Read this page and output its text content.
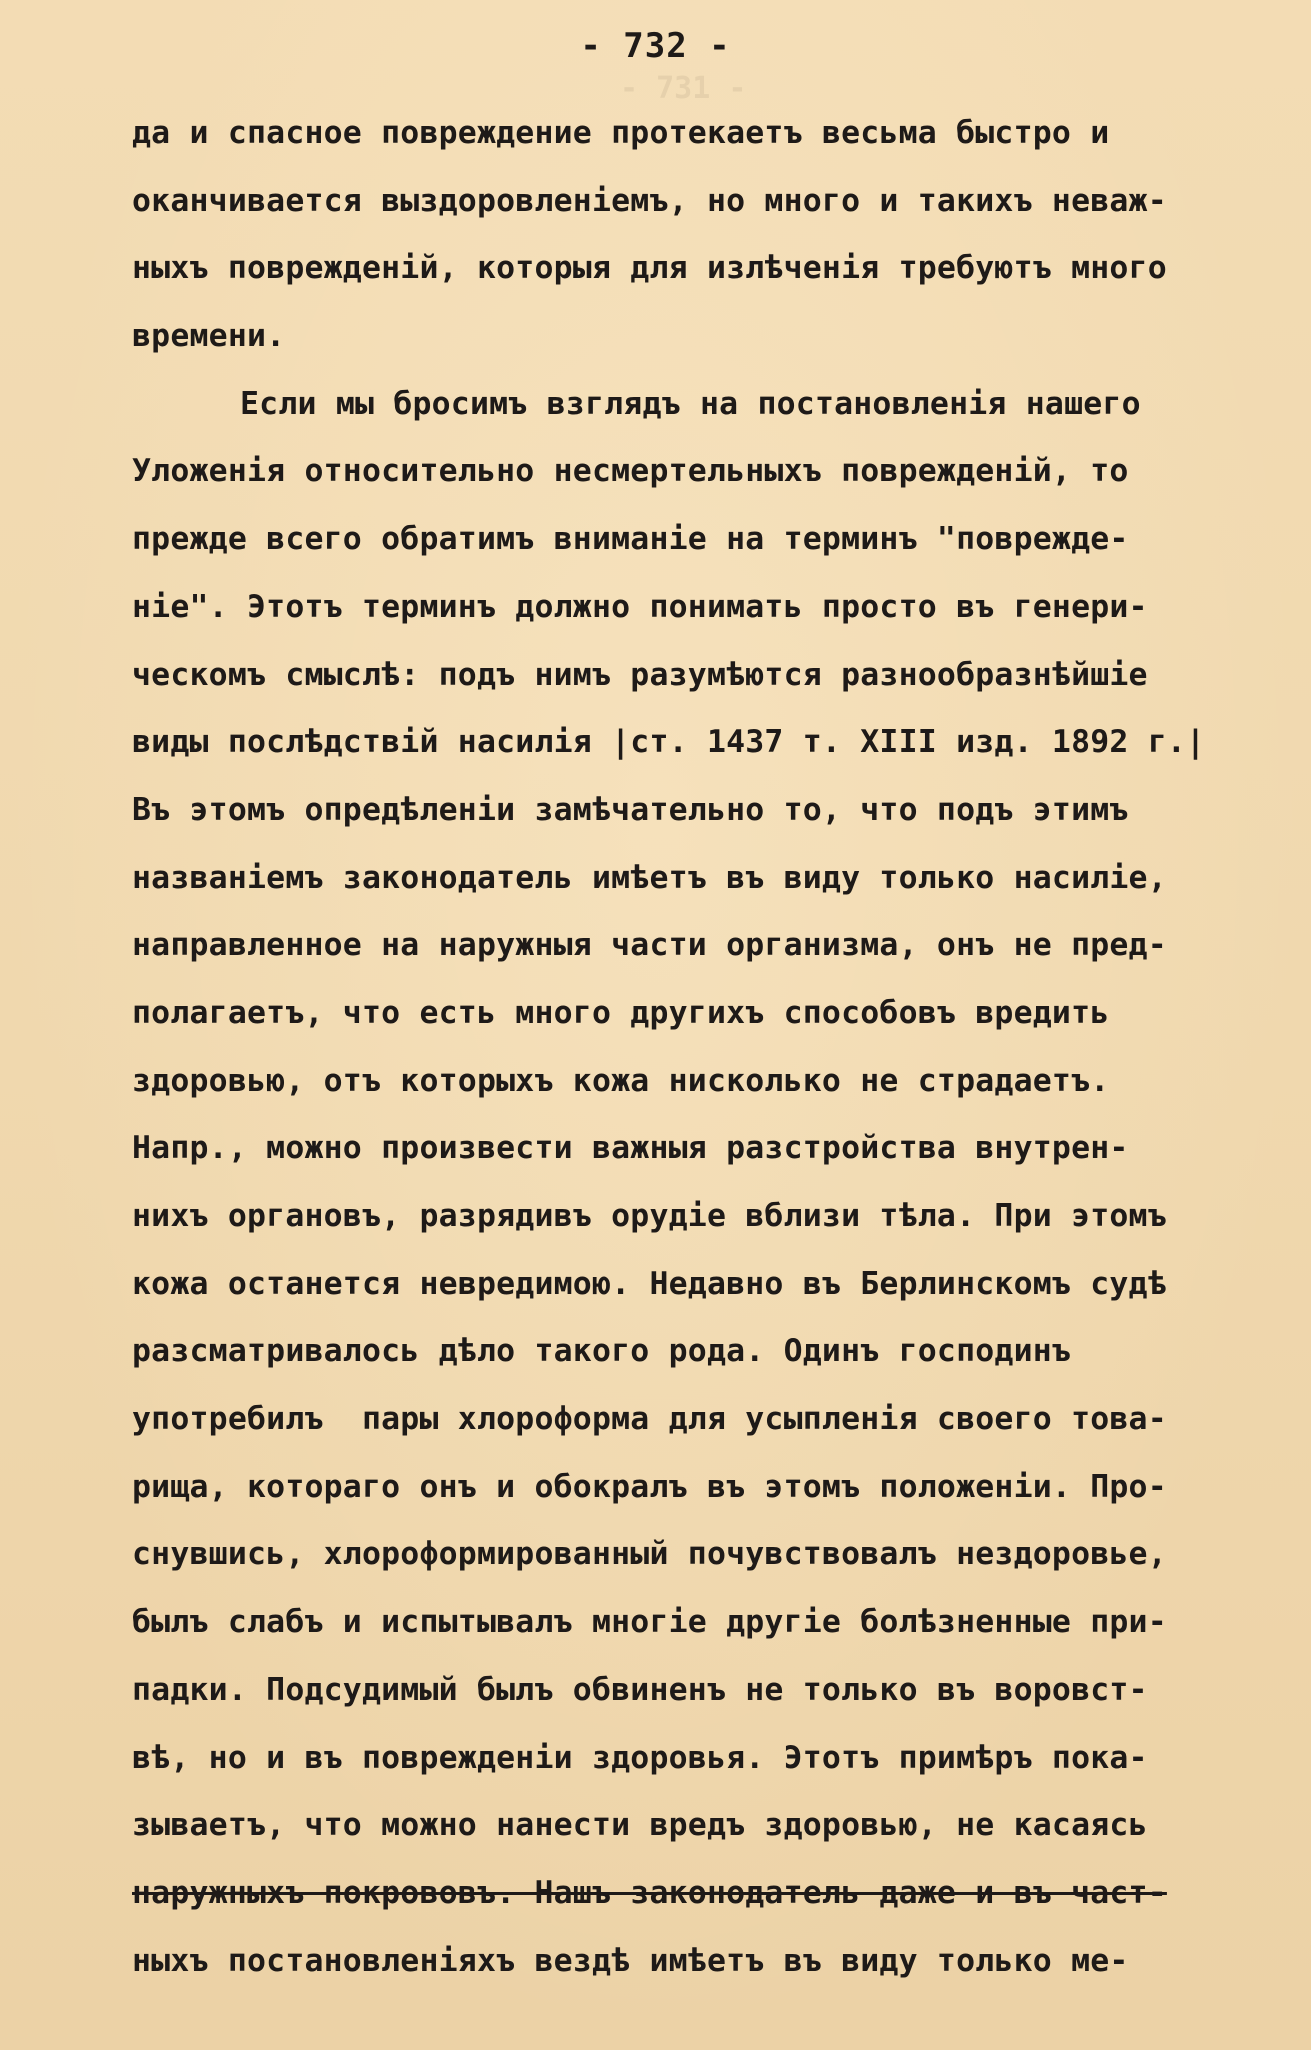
- 732 -
да и спасное повреждение протекаетъ весьма быстро и
оканчивается выздоровленіемъ, но много и такихъ неваж-
ныхъ поврежденій, которыя для излѣченія требуютъ много
времени.
Если мы бросимъ взглядъ на постановленія нашего
Уложенія относительно несмертельныхъ поврежденій, то
прежде всего обратимъ вниманіе на терминъ "поврежде-
ніе". Этотъ терминъ должно понимать просто въ генери-
ческомъ смыслѣ: подъ нимъ разумѣются разнообразнѣйшіе
виды послѣдствій насилія |ст. 1437 т. XIII изд. 1892 г.|
Въ этомъ опредѣленіи замѣчательно то, что подъ этимъ
названіемъ законодатель имѣетъ въ виду только насиліе,
направленное на наружныя части организма, онъ не пред-
полагаетъ, что есть много другихъ способовъ вредить
здоровью, отъ которыхъ кожа нисколько не страдаетъ.
Напр., можно произвести важныя разстройства внутрен-
нихъ органовъ, разрядивъ орудіе вблизи тѣла. При этомъ
кожа останется невредимою. Недавно въ Берлинскомъ судѣ
разсматривалось дѣло такого рода. Одинъ господинъ
употребилъ  пары хлороформа для усыпленія своего това-
рища, котораго онъ и обокралъ въ этомъ положеніи. Про-
снувшись, хлороформированный почувствовалъ нездоровье,
былъ слабъ и испытывалъ многіе другіе болѣзненные при-
падки. Подсудимый былъ обвиненъ не только въ воровст-
вѣ, но и въ поврежденіи здоровья. Этотъ примѣръ пока-
зываетъ, что можно нанести вредъ здоровью, не касаясь
наружныхъ покрововъ. Нашъ законодатель даже и въ част-
ныхъ постановленіяхъ вездѣ имѣетъ въ виду только ме-
- 731 -
